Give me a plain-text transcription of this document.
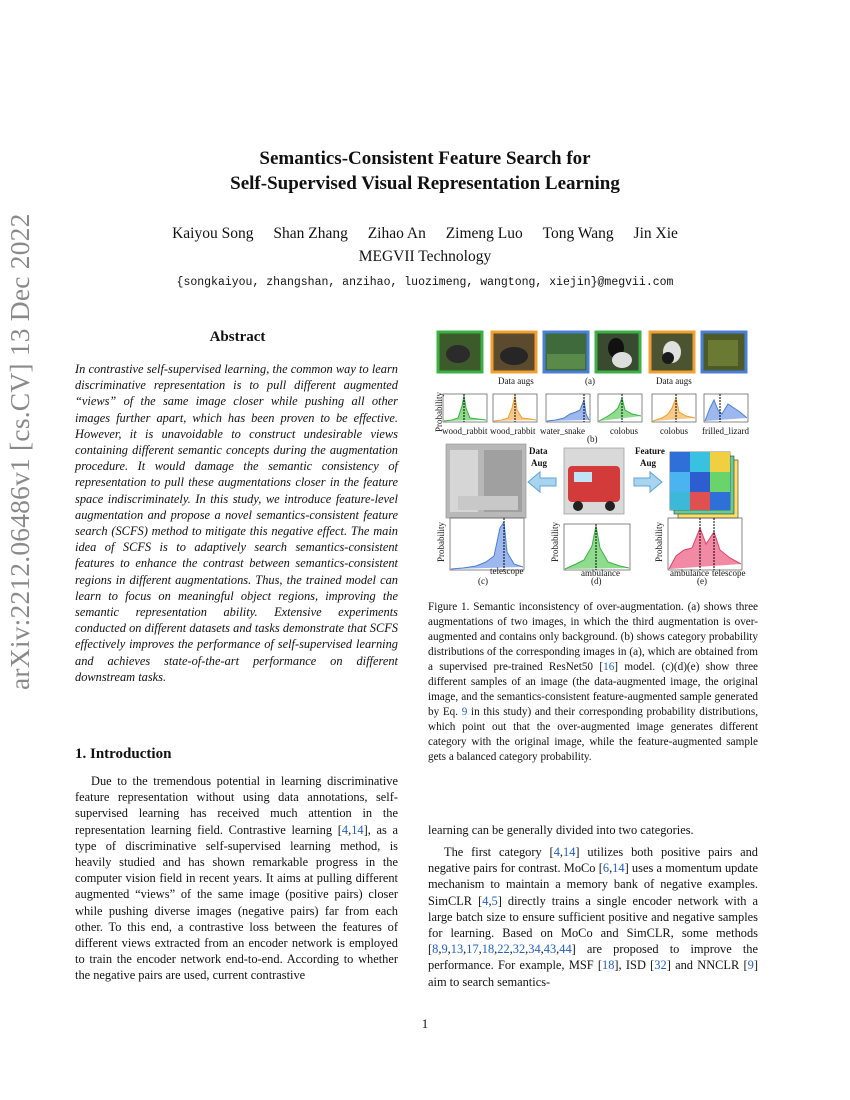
arXiv:2212.06486v1 [cs.CV] 13 Dec 2022
Semantics-Consistent Feature Search for
Self-Supervised Visual Representation Learning
Kaiyou Song Shan Zhang Zihao An Zimeng Luo Tong Wang Jin Xie
MEGVII Technology
{songkaiyou, zhangshan, anzihao, luozimeng, wangtong, xiejin}@megvii.com
Abstract
In contrastive self-supervised learning, the common way to learn discriminative representation is to pull different augmented “views” of the same image closer while pushing all other images further apart, which has been proven to be effective. However, it is unavoidable to construct undesirable views containing different semantic concepts during the augmentation procedure. It would damage the semantic consistency of representation to pull these augmentations closer in the feature space indiscriminately. In this study, we introduce feature-level augmentation and propose a novel semantics-consistent feature search (SCFS) method to mitigate this negative effect. The main idea of SCFS is to adaptively search semantics-consistent features to enhance the contrast between semantics-consistent regions in different augmentations. Thus, the trained model can learn to focus on meaningful object regions, improving the semantic representation ability. Extensive experiments conducted on different datasets and tasks demonstrate that SCFS effectively improves the performance of self-supervised learning and achieves state-of-the-art performance on different downstream tasks.
1. Introduction
Due to the tremendous potential in learning discriminative feature representation without using data annotations, self-supervised learning has received much attention in the representation learning field. Contrastive learning [4,14], as a type of discriminative self-supervised learning method, is heavily studied and has shown remarkable progress in the computer vision field in recent years. It aims at pulling different augmented “views” of the same image (positive pairs) closer while pushing diverse images (negative pairs) far from each other. To this end, a contrastive loss between the features of different views extracted from an encoder network is employed to train the encoder network end-to-end. According to whether the negative pairs are used, current contrastive
Data augs	Data augs
(a)
Probability
wood_rabbit wood_rabbit water_snake
(b)
colobus colobus frilled_lizard
Data
Aug
Feature
Aug
Probability	Probability	Probability
telescope	ambulance	ambulance telescope
(c)	(d)	(e)
Figure 1. Semantic inconsistency of over-augmentation. (a) shows three augmentations of two images, in which the third augmentation is over-augmented and contains only background. (b) shows category probability distributions of the corresponding images in (a), which are obtained from a supervised pre-trained ResNet50 [16] model. (c)(d)(e) show three different samples of an image (the data-augmented image, the original image, and the semantics-consistent feature-augmented sample generated by Eq. 9 in this study) and their corresponding probability distributions, which point out that the over-augmented image generates different category with the original image, while the feature-augmented sample gets a balanced category probability.
learning can be generally divided into two categories.
The first category [4,14] utilizes both positive pairs and negative pairs for contrast. MoCo [6,14] uses a momentum update mechanism to maintain a memory bank of negative examples. SimCLR [4,5] directly trains a single encoder network with a large batch size to ensure sufficient positive and negative samples for learning. Based on MoCo and SimCLR, some methods [8,9,13,17,18,22,32,34,43,44] are proposed to improve the performance. For example, MSF [18], ISD [32] and NNCLR [9] aim to search semantics-
1
